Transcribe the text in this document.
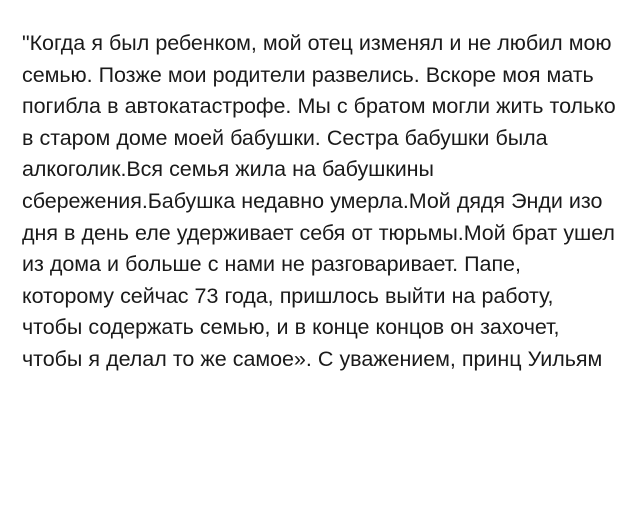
"Когда я был ребенком, мой отец изменял и не любил мою семью. Позже мои родители развелись. Вскоре моя мать погибла в автокатастрофе. Мы с братом могли жить только в старом доме моей бабушки. Сестра бабушки была алкоголик.Вся семья жила на бабушкины сбережения.Бабушка недавно умерла.Мой дядя Энди изо дня в день еле удерживает себя от тюрьмы.Мой брат ушел из дома и больше с нами не разговаривает. Папе, которому сейчас 73 года, пришлось выйти на работу, чтобы содержать семью, и в конце концов он захочет, чтобы я делал то же самое». С уважением, принц Уильям
